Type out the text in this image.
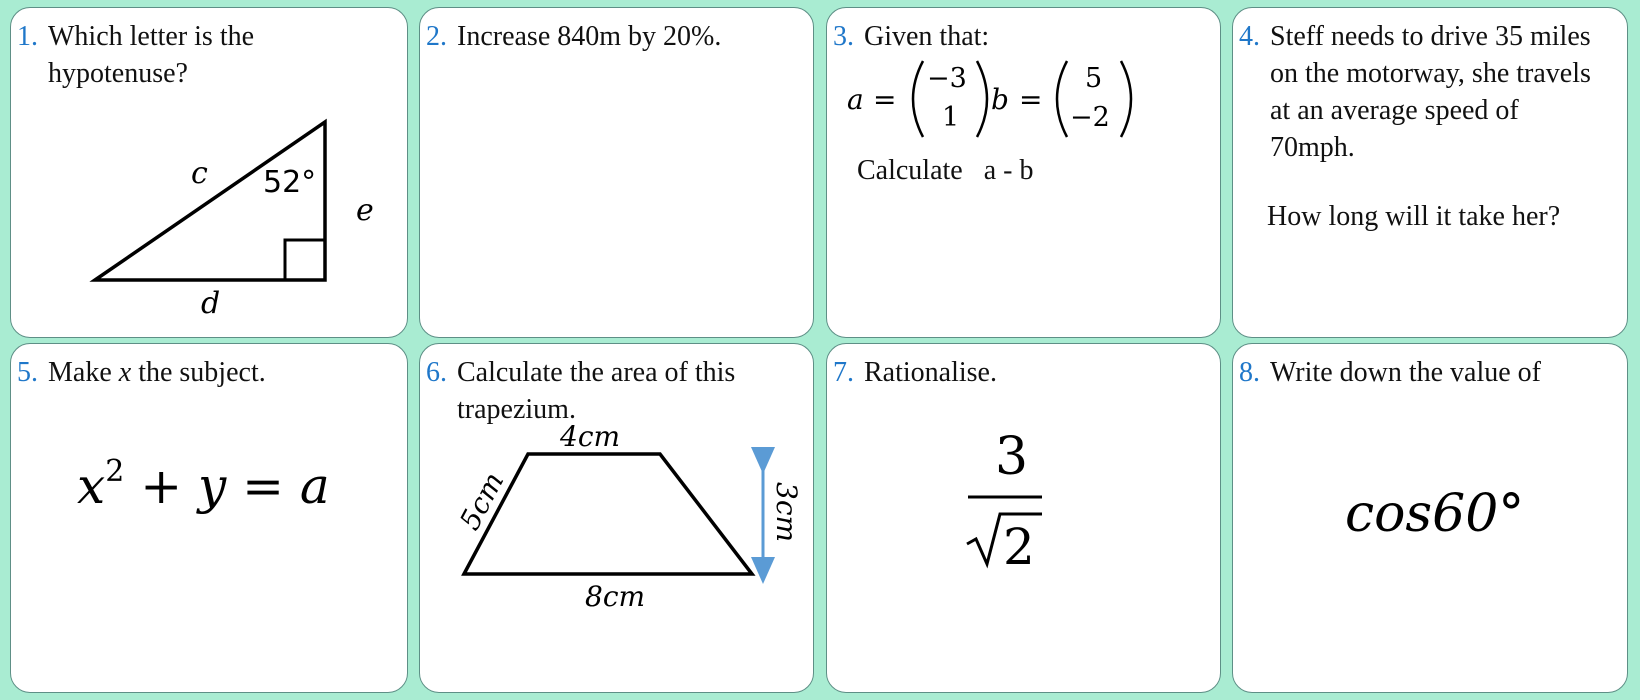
1. Which letter is the hypotenuse?
c 52°
e
d
2. Increase 840m by 20%.	3. Given that:
a =
−3
1
b =
5
−2
Calculate   a - b
4. Steff needs to drive 35 miles on the motorway, she travels at an average speed of 70mph.
How long will it take her?
5. Make x the subject.
$x^2 + y = a$
6. Calculate the area of this trapezium.
4cm
5cm	3cm
8cm
7. Rationalise.
3
2
8. Write down the value of
cos60°
